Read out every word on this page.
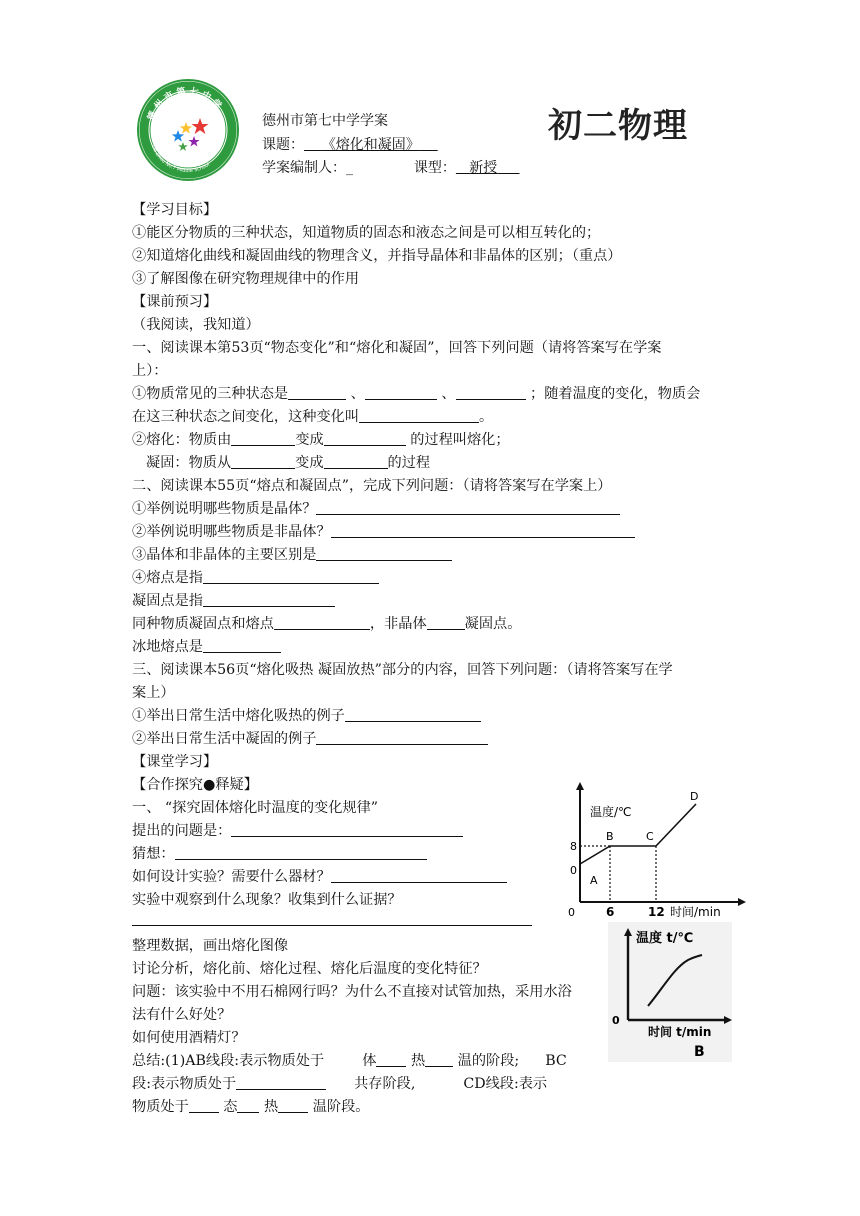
德 州 市 第 七 中 学
De Zhou No.7 Middle School
德州市第七中学学案
课题： 《熔化和凝固》
学案编制人：_	课型： 新授
初二物理
【学习目标】
①能区分物质的三种状态，知道物质的固态和液态之间是可以相互转化的；
②知道熔化曲线和凝固曲线的物理含义，并指导晶体和非晶体的区别；（重点）
③了解图像在研究物理规律中的作用
【课前预习】
（我阅读，我知道）
一、阅读课本第53页“物态变化”和“熔化和凝固”，回答下列问题（请将答案写在学案
上）：
①物质常见的三种状态是	、	、	；随着温度的变化，物质会
在这三种状态之间变化，这种变化叫	。
②熔化：物质由	变成	的过程叫熔化；
凝固：物质从	变成	的过程
二、阅读课本55页“熔点和凝固点”，完成下列问题：（请将答案写在学案上）
①举例说明哪些物质是晶体？
②举例说明哪些物质是非晶体？
③晶体和非晶体的主要区别是
④熔点是指
凝固点是指
同种物质凝固点和熔点	，非晶体	凝固点。
冰地熔点是
三、阅读课本56页“熔化吸热 凝固放热”部分的内容，回答下列问题：（请将答案写在学
案上）
①举出日常生活中熔化吸热的例子
②举出日常生活中凝固的例子
【课堂学习】
【合作探究●释疑】
一、 “探究固体熔化时温度的变化规律”
提出的问题是：
猜想：
如何设计实验？需要什么器材？
实验中观察到什么现象？收集到什么证据？
整理数据，画出熔化图像
讨论分析，熔化前、熔化过程、熔化后温度的变化特征？
问题：该实验中不用石棉网行吗？为什么不直接对试管加热，采用水浴
法有什么好处？
如何使用酒精灯？
总结:(1)AB线段:表示物质处于	体 热 温的阶段; BC
段:表示物质处于	共存阶段,	CD线段:表示
物质处于 态 热 温阶段。
温度/℃
时间/min
0
8
0
6	12
A
B	C
D
温度 t/℃
时间 t/min
0
B
